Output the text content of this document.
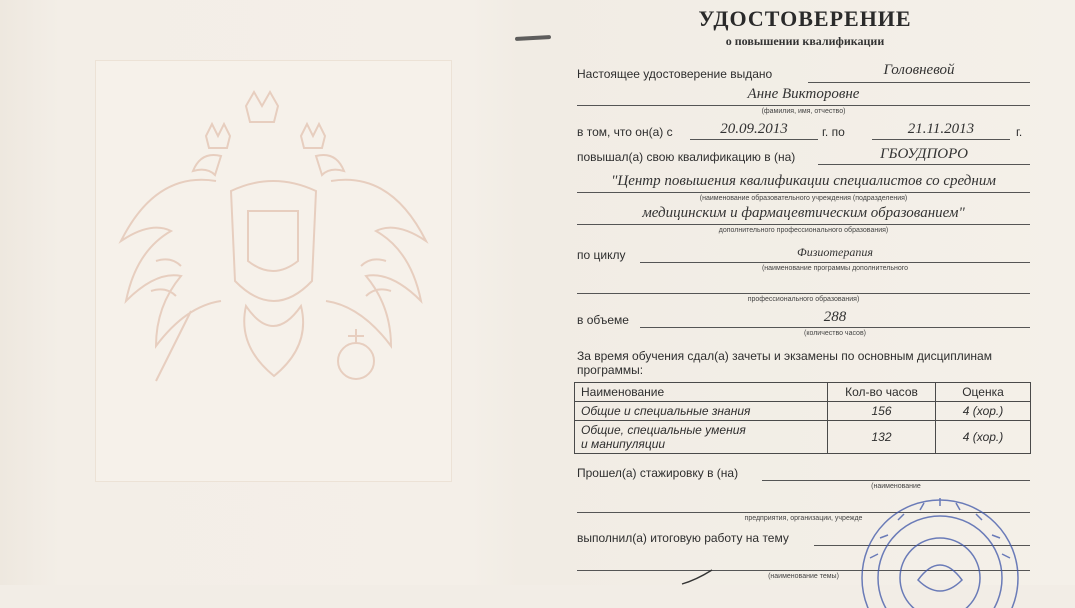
УДОСТОВЕРЕНИЕ
о повышении квалификации
Настоящее удостоверение выдано	Головневой
Анне Викторовне
(фамилия, имя, отчество)
в том, что он(а) с	20.09.2013	г. по	21.11.2013	г.
повышал(а) свою квалификацию в (на)	ГБОУДПОРО
"Центр повышения квалификации специалистов со средним
(наименование образовательного учреждения (подразделения)
медицинским и фармацевтическим образованием"
дополнительного профессионального образования)
по циклу	Физиотерапия
(наименование программы дополнительного
профессионального образования)
в объеме	288
(количество часов)
За время обучения сдал(а) зачеты и экзамены по основным дисциплинам
программы:
Наименование	Кол-во часов	Оценка
Общие и специальные знания	156	4 (хор.)

Общие, специальные умения
и манипуляции	132	4 (хор.)
Прошел(а) стажировку в (на)
(наименование
предприятия, организации, учрежде
выполнил(а) итоговую работу на тему
(наименование темы)
